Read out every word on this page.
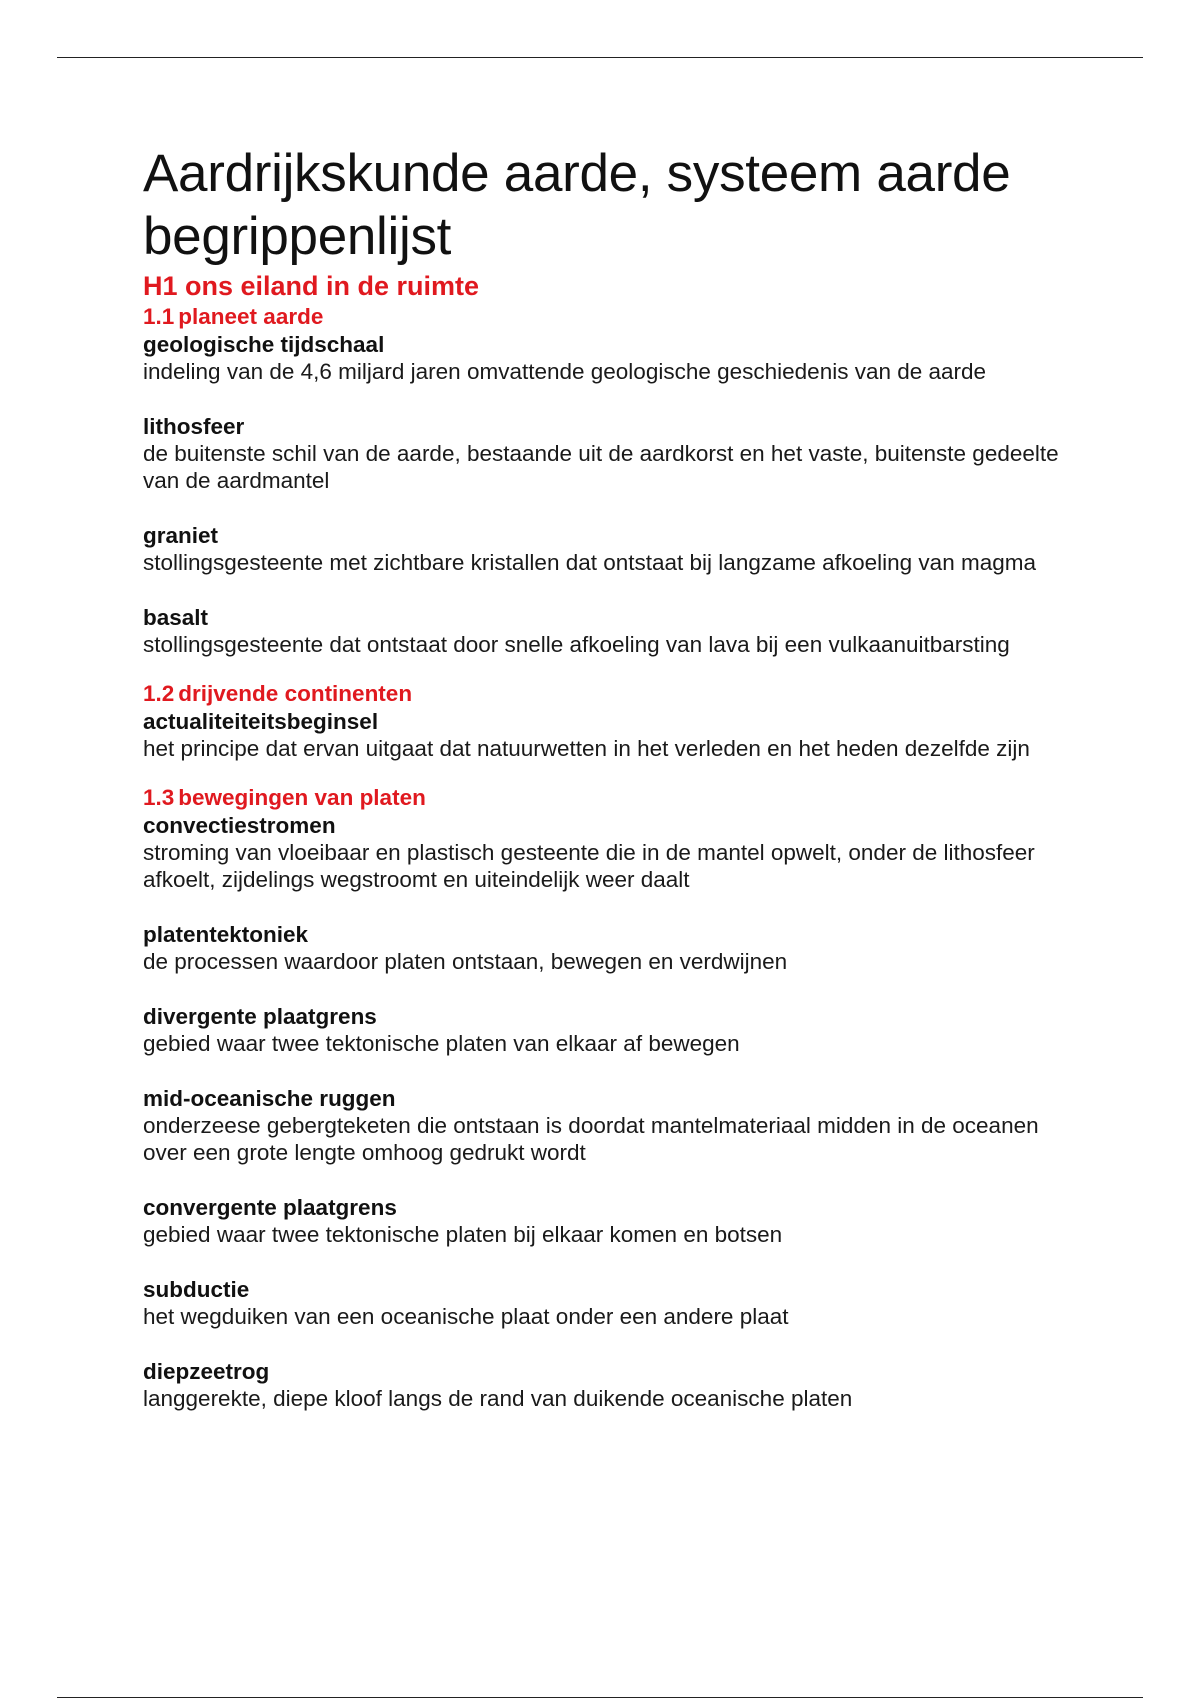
Aardrijkskunde aarde, systeem aarde begrippenlijst
H1 ons eiland in de ruimte
1.1 planeet aarde
geologische tijdschaal
indeling van de 4,6 miljard jaren omvattende geologische geschiedenis van de aarde
lithosfeer
de buitenste schil van de aarde, bestaande uit de aardkorst en het vaste, buitenste gedeelte van de aardmantel
graniet
stollingsgesteente met zichtbare kristallen dat ontstaat bij langzame afkoeling van magma
basalt
stollingsgesteente dat ontstaat door snelle afkoeling van lava bij een vulkaanuitbarsting
1.2 drijvende continenten
actualiteiteitsbeginsel
het principe dat ervan uitgaat dat natuurwetten in het verleden en het heden dezelfde zijn
1.3 bewegingen van platen
convectiestromen
stroming van vloeibaar en plastisch gesteente die in de mantel opwelt, onder de lithosfeer afkoelt, zijdelings wegstroomt en uiteindelijk weer daalt
platentektoniek
de processen waardoor platen ontstaan, bewegen en verdwijnen
divergente plaatgrens
gebied waar twee tektonische platen van elkaar af bewegen
mid-oceanische ruggen
onderzeese gebergteketen die ontstaan is doordat mantelmateriaal midden in de oceanen over een grote lengte omhoog gedrukt wordt
convergente plaatgrens
gebied waar twee tektonische platen bij elkaar komen en botsen
subductie
het wegduiken van een oceanische plaat onder een andere plaat
diepzeetrog
langgerekte, diepe kloof langs de rand van duikende oceanische platen
